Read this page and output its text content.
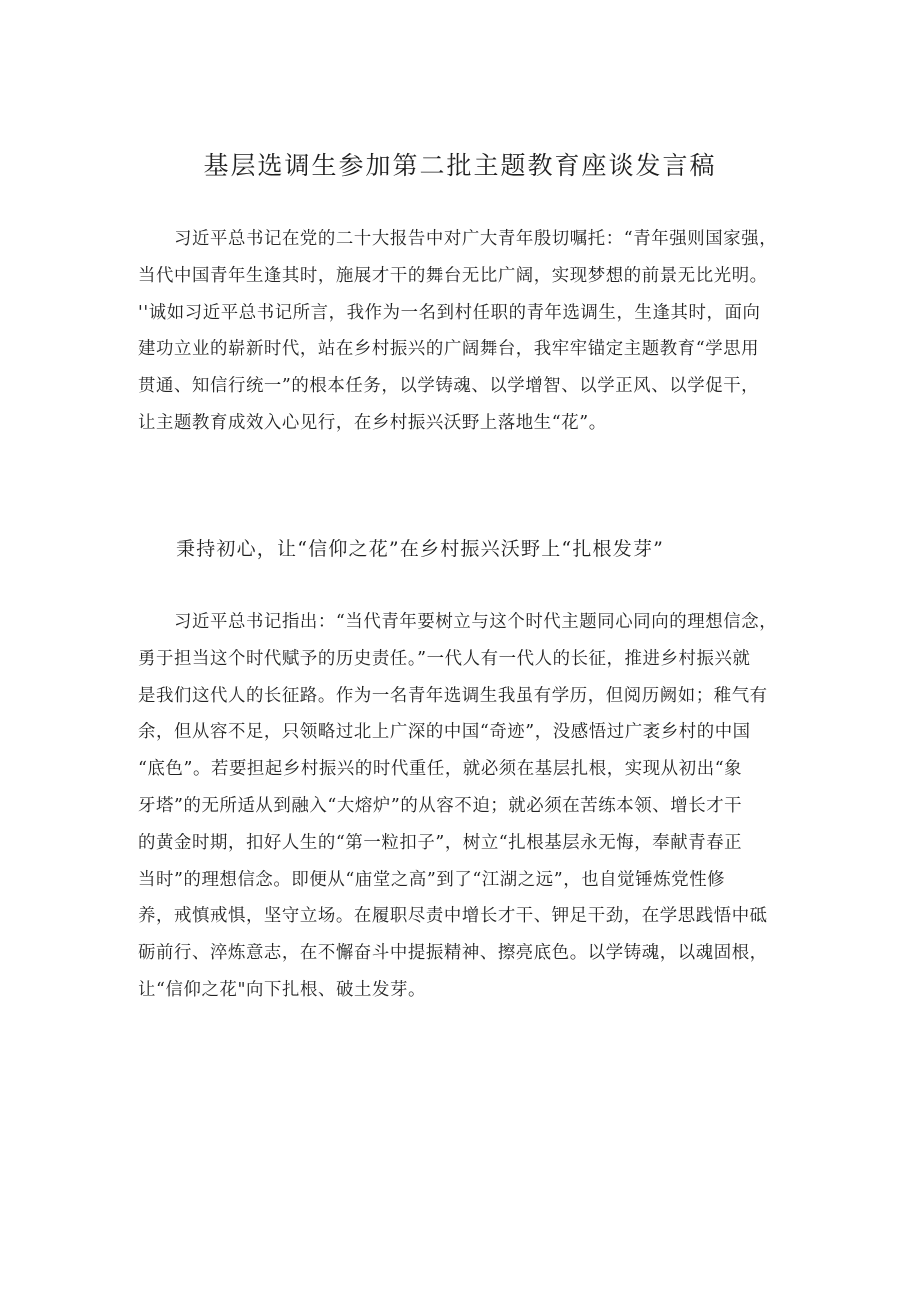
基层选调生参加第二批主题教育座谈发言稿
习近平总书记在党的二十大报告中对广大青年殷切嘱托：“青年强则国家强，
当代中国青年生逢其时，施展才干的舞台无比广阔，实现梦想的前景无比光明。
''诚如习近平总书记所言，我作为一名到村任职的青年选调生，生逢其时，面向
建功立业的崭新时代，站在乡村振兴的广阔舞台，我牢牢锚定主题教育“学思用
贯通、知信行统一”的根本任务，以学铸魂、以学增智、以学正风、以学促干，
让主题教育成效入心见行，在乡村振兴沃野上落地生“花”。
秉持初心，让“信仰之花”在乡村振兴沃野上“扎根发芽”
习近平总书记指出：“当代青年要树立与这个时代主题同心同向的理想信念，
勇于担当这个时代赋予的历史责任。”一代人有一代人的长征，推进乡村振兴就
是我们这代人的长征路。作为一名青年选调生我虽有学历，但阅历阙如；稚气有
余，但从容不足，只领略过北上广深的中国“奇迹”，没感悟过广袤乡村的中国
“底色”。若要担起乡村振兴的时代重任，就必须在基层扎根，实现从初出“象
牙塔”的无所适从到融入“大熔炉”的从容不迫；就必须在苦练本领、增长才干
的黄金时期，扣好人生的“第一粒扣子”，树立“扎根基层永无悔，奉献青春正
当时”的理想信念。即便从“庙堂之高”到了“江湖之远”，也自觉锤炼党性修
养，戒慎戒惧，坚守立场。在履职尽责中增长才干、钾足干劲，在学思践悟中砥
砺前行、淬炼意志，在不懈奋斗中提振精神、擦亮底色。以学铸魂，以魂固根，
让“信仰之花"向下扎根、破土发芽。
